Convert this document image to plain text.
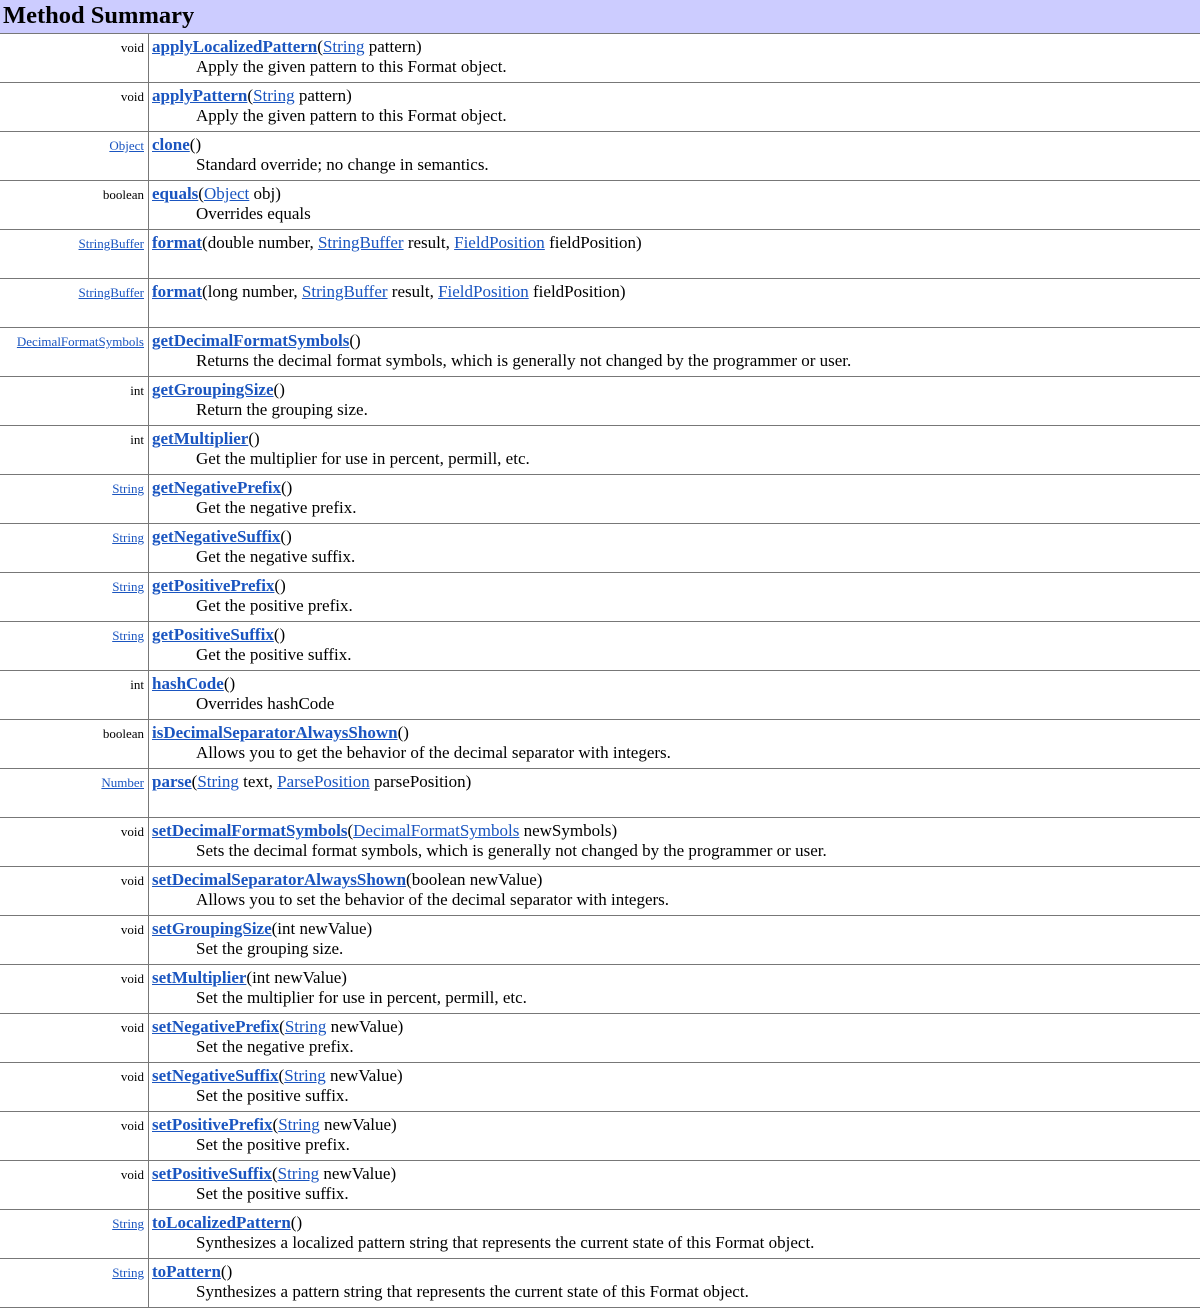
Method Summary
void applyLocalizedPattern(String pattern)
Apply the given pattern to this Format object.
void applyPattern(String pattern)
Apply the given pattern to this Format object.
Object clone()
Standard override; no change in semantics.
boolean equals(Object obj)
Overrides equals
StringBuffer format(double number, StringBuffer result, FieldPosition fieldPosition)
StringBuffer format(long number, StringBuffer result, FieldPosition fieldPosition)
DecimalFormatSymbols getDecimalFormatSymbols()
Returns the decimal format symbols, which is generally not changed by the programmer or user.
int getGroupingSize()
Return the grouping size.
int getMultiplier()
Get the multiplier for use in percent, permill, etc.
String getNegativePrefix()
Get the negative prefix.
String getNegativeSuffix()
Get the negative suffix.
String getPositivePrefix()
Get the positive prefix.
String getPositiveSuffix()
Get the positive suffix.
int hashCode()
Overrides hashCode
boolean isDecimalSeparatorAlwaysShown()
Allows you to get the behavior of the decimal separator with integers.
Number parse(String text, ParsePosition parsePosition)
void setDecimalFormatSymbols(DecimalFormatSymbols newSymbols)
Sets the decimal format symbols, which is generally not changed by the programmer or user.
void setDecimalSeparatorAlwaysShown(boolean newValue)
Allows you to set the behavior of the decimal separator with integers.
void setGroupingSize(int newValue)
Set the grouping size.
void setMultiplier(int newValue)
Set the multiplier for use in percent, permill, etc.
void setNegativePrefix(String newValue)
Set the negative prefix.
void setNegativeSuffix(String newValue)
Set the positive suffix.
void setPositivePrefix(String newValue)
Set the positive prefix.
void setPositiveSuffix(String newValue)
Set the positive suffix.
String toLocalizedPattern()
Synthesizes a localized pattern string that represents the current state of this Format object.
String toPattern()
Synthesizes a pattern string that represents the current state of this Format object.
